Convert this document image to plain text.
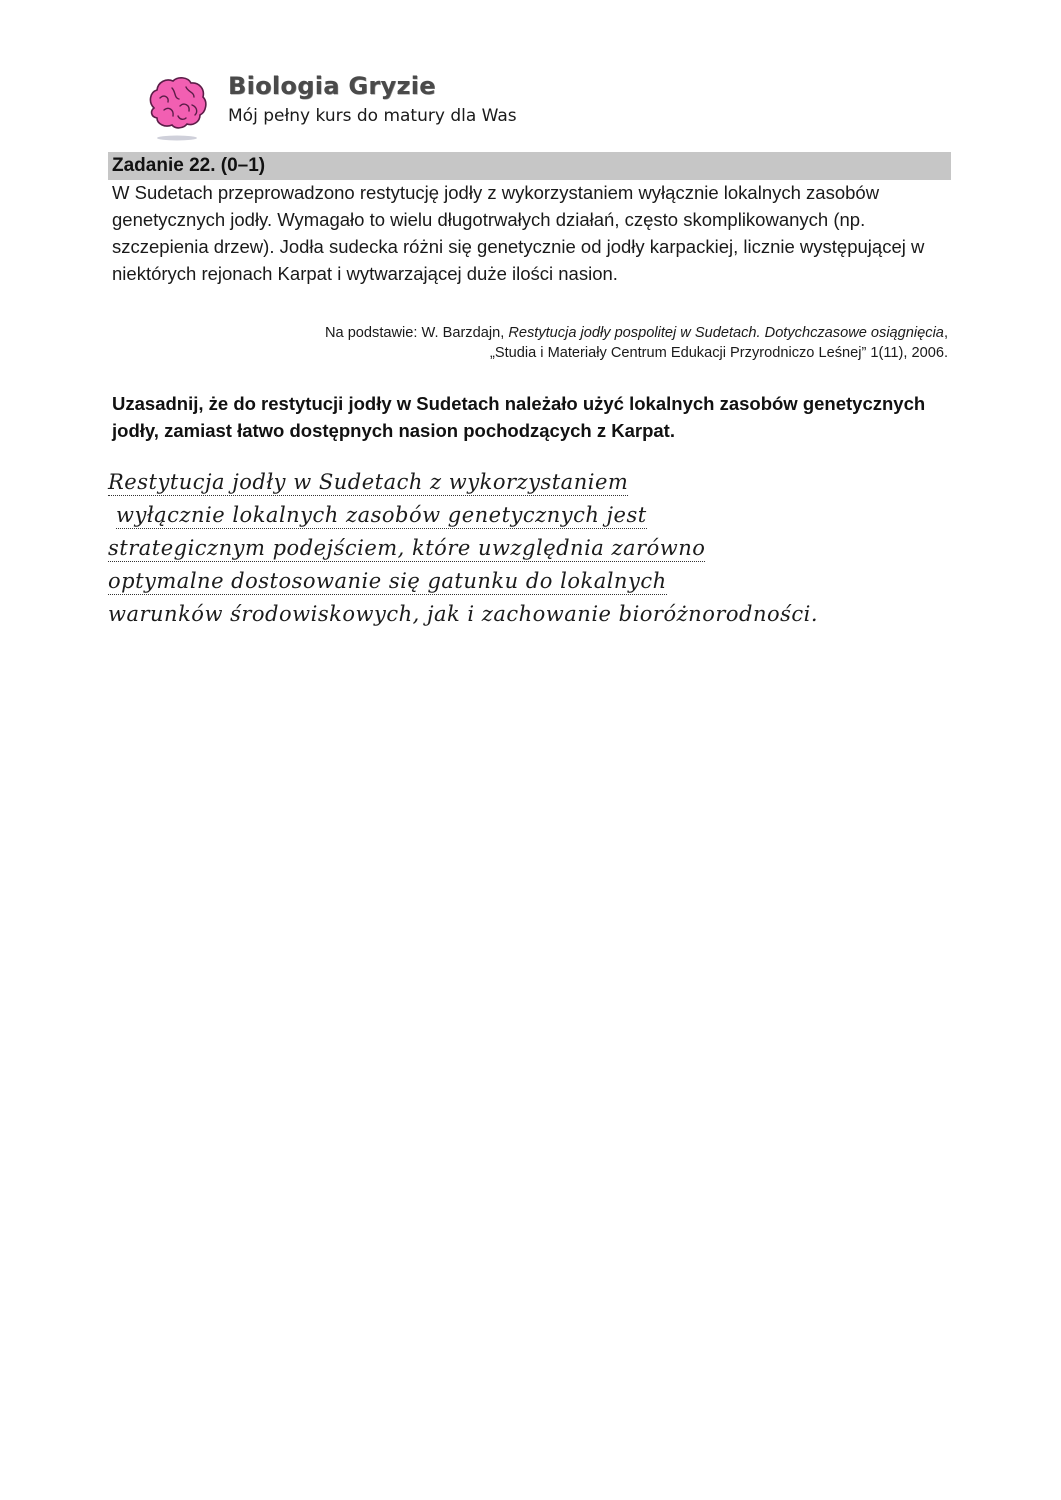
Biologia Gryzie
Mój pełny kurs do matury dla Was
Zadanie 22. (0–1)
W Sudetach przeprowadzono restytucję jodły z wykorzystaniem wyłącznie lokalnych zasobów genetycznych jodły. Wymagało to wielu długotrwałych działań, często skomplikowanych (np. szczepienia drzew). Jodła sudecka różni się genetycznie od jodły karpackiej, licznie występującej w niektórych rejonach Karpat i wytwarzającej duże ilości nasion.
Na podstawie: W. Barzdajn, Restytucja jodły pospolitej w Sudetach. Dotychczasowe osiągnięcia,
„Studia i Materiały Centrum Edukacji Przyrodniczo Leśnej” 1(11), 2006.
Uzasadnij, że do restytucji jodły w Sudetach należało użyć lokalnych zasobów genetycznych jodły, zamiast łatwo dostępnych nasion pochodzących z Karpat.
Restytucja jodły w Sudetach z wykorzystaniem
wyłącznie lokalnych zasobów genetycznych jest
strategicznym podejściem, które uwzględnia zarówno
optymalne dostosowanie się gatunku do lokalnych
warunków środowiskowych, jak i zachowanie bioróżnorodności.
